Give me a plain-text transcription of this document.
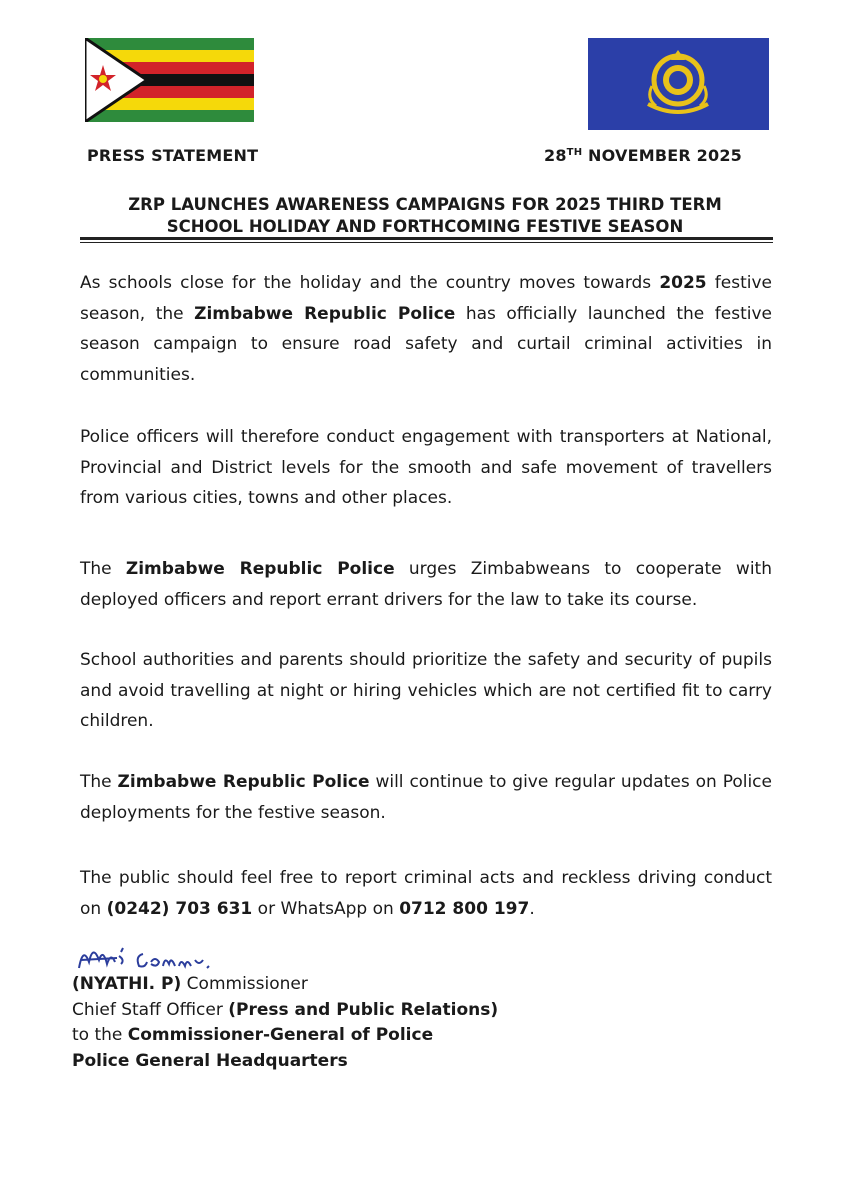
PRESS STATEMENT	28TH NOVEMBER 2025
ZRP LAUNCHES AWARENESS CAMPAIGNS FOR 2025 THIRD TERM
SCHOOL HOLIDAY AND FORTHCOMING FESTIVE SEASON

As schools close for the holiday and the country moves towards 2025 festive season, the Zimbabwe Republic Police has officially launched the festive season campaign to ensure road safety and curtail criminal activities in communities.

Police officers will therefore conduct engagement with transporters at National, Provincial and District levels for the smooth and safe movement of travellers from various cities, towns and other places.

The Zimbabwe Republic Police urges Zimbabweans to cooperate with deployed officers and report errant drivers for the law to take its course.

School authorities and parents should prioritize the safety and security of pupils and avoid travelling at night or hiring vehicles which are not certified fit to carry children.

The Zimbabwe Republic Police will continue to give regular updates on Police deployments for the festive season.

The public should feel free to report criminal acts and reckless driving conduct on (0242) 703 631 or WhatsApp on 0712 800 197.

(NYATHI. P) Commissioner
Chief Staff Officer (Press and Public Relations)
to the Commissioner-General of Police
Police General Headquarters
